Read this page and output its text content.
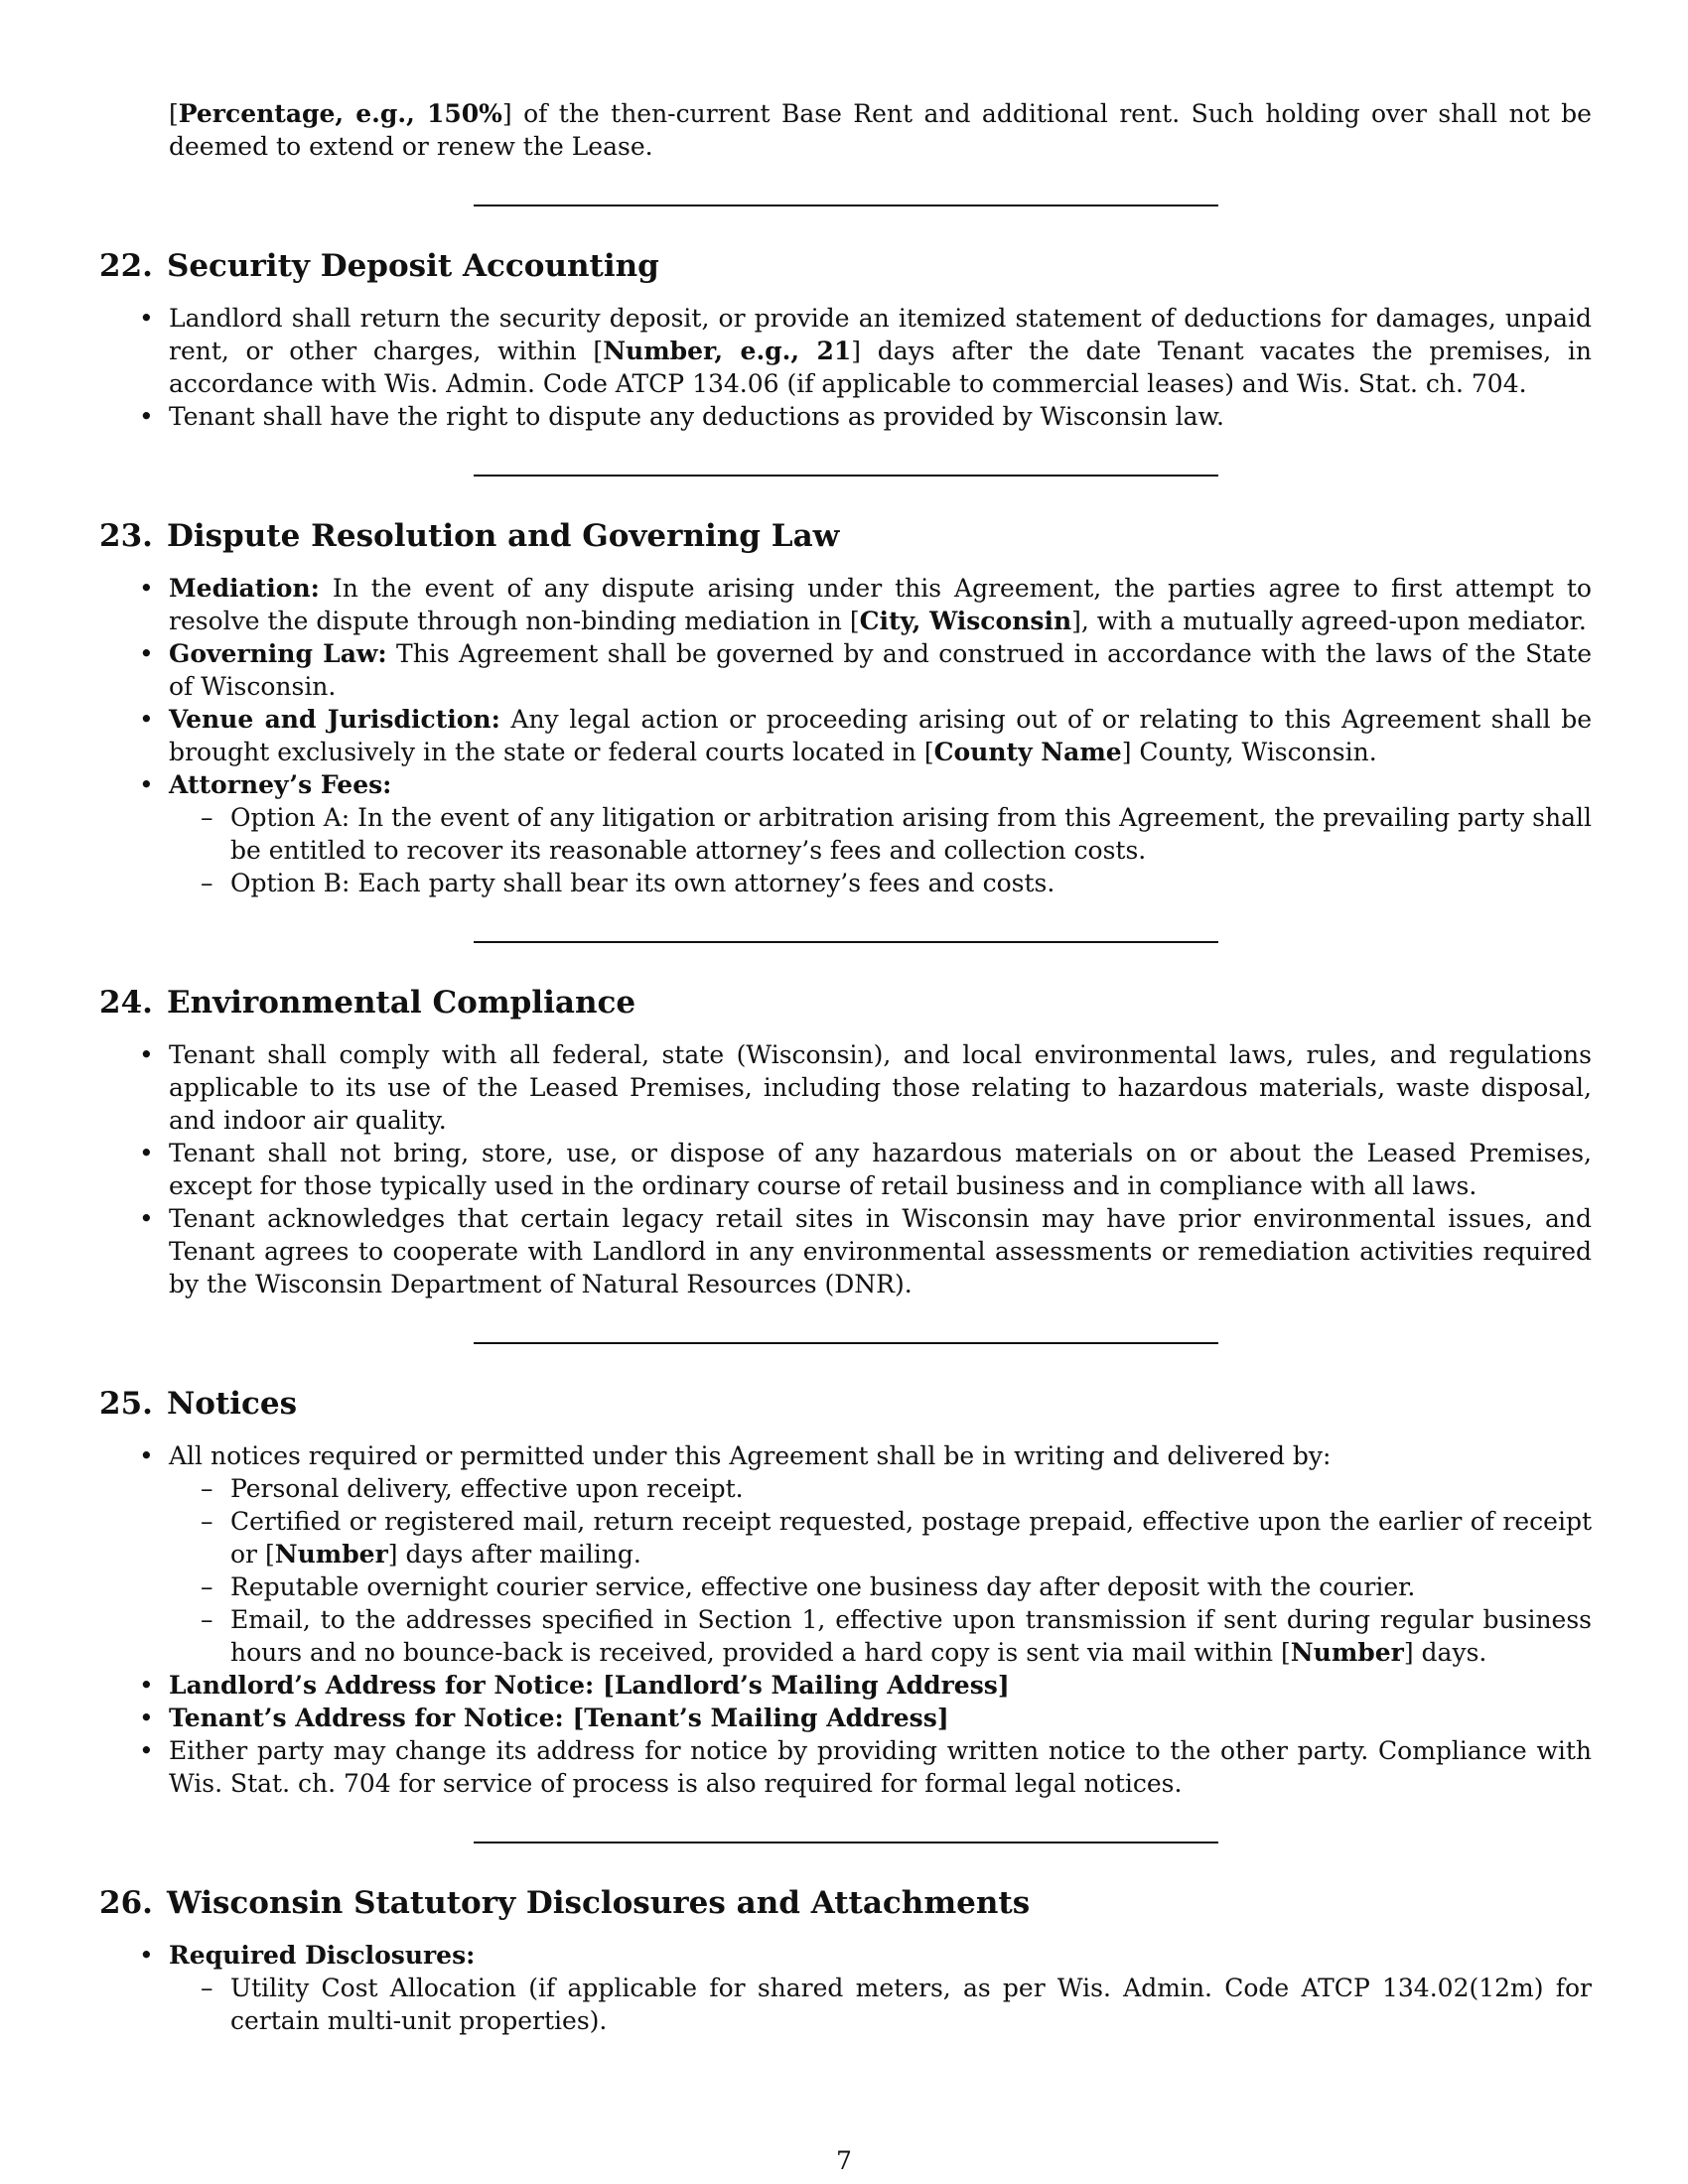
[Percentage, e.g., 150%] of the then-current Base Rent and additional rent. Such holding over shall not be deemed to extend or renew the Lease.

22. Security Deposit Accounting
• Landlord shall return the security deposit, or provide an itemized statement of deductions for damages, unpaid rent, or other charges, within [Number, e.g., 21] days after the date Tenant vacates the premises, in accordance with Wis. Admin. Code ATCP 134.06 (if applicable to commercial leases) and Wis. Stat. ch. 704.
• Tenant shall have the right to dispute any deductions as provided by Wisconsin law.
23. Dispute Resolution and Governing Law
• Mediation: In the event of any dispute arising under this Agreement, the parties agree to first attempt to resolve the dispute through non-binding mediation in [City, Wisconsin], with a mutually agreed-upon mediator.
• Governing Law: This Agreement shall be governed by and construed in accordance with the laws of the State of Wisconsin.
• Venue and Jurisdiction: Any legal action or proceeding arising out of or relating to this Agreement shall be brought exclusively in the state or federal courts located in [County Name] County, Wisconsin.
• Attorney’s Fees:
– Option A: In the event of any litigation or arbitration arising from this Agreement, the prevailing party shall be entitled to recover its reasonable attorney’s fees and collection costs.
– Option B: Each party shall bear its own attorney’s fees and costs.
24. Environmental Compliance
• Tenant shall comply with all federal, state (Wisconsin), and local environmental laws, rules, and regulations applicable to its use of the Leased Premises, including those relating to hazardous materials, waste disposal, and indoor air quality.
• Tenant shall not bring, store, use, or dispose of any hazardous materials on or about the Leased Premises, except for those typically used in the ordinary course of retail business and in compliance with all laws.
• Tenant acknowledges that certain legacy retail sites in Wisconsin may have prior environmental issues, and Tenant agrees to cooperate with Landlord in any environmental assessments or remediation activities required by the Wisconsin Department of Natural Resources (DNR).
25. Notices
• All notices required or permitted under this Agreement shall be in writing and delivered by:
– Personal delivery, effective upon receipt.
– Certified or registered mail, return receipt requested, postage prepaid, effective upon the earlier of receipt or [Number] days after mailing.
– Reputable overnight courier service, effective one business day after deposit with the courier.
– Email, to the addresses specified in Section 1, effective upon transmission if sent during regular business hours and no bounce-back is received, provided a hard copy is sent via mail within [Number] days.
• Landlord’s Address for Notice: [Landlord’s Mailing Address]
• Tenant’s Address for Notice: [Tenant’s Mailing Address]
• Either party may change its address for notice by providing written notice to the other party. Compliance with Wis. Stat. ch. 704 for service of process is also required for formal legal notices.
26. Wisconsin Statutory Disclosures and Attachments
• Required Disclosures:
– Utility Cost Allocation (if applicable for shared meters, as per Wis. Admin. Code ATCP 134.02(12m) for certain multi-unit properties).
7
